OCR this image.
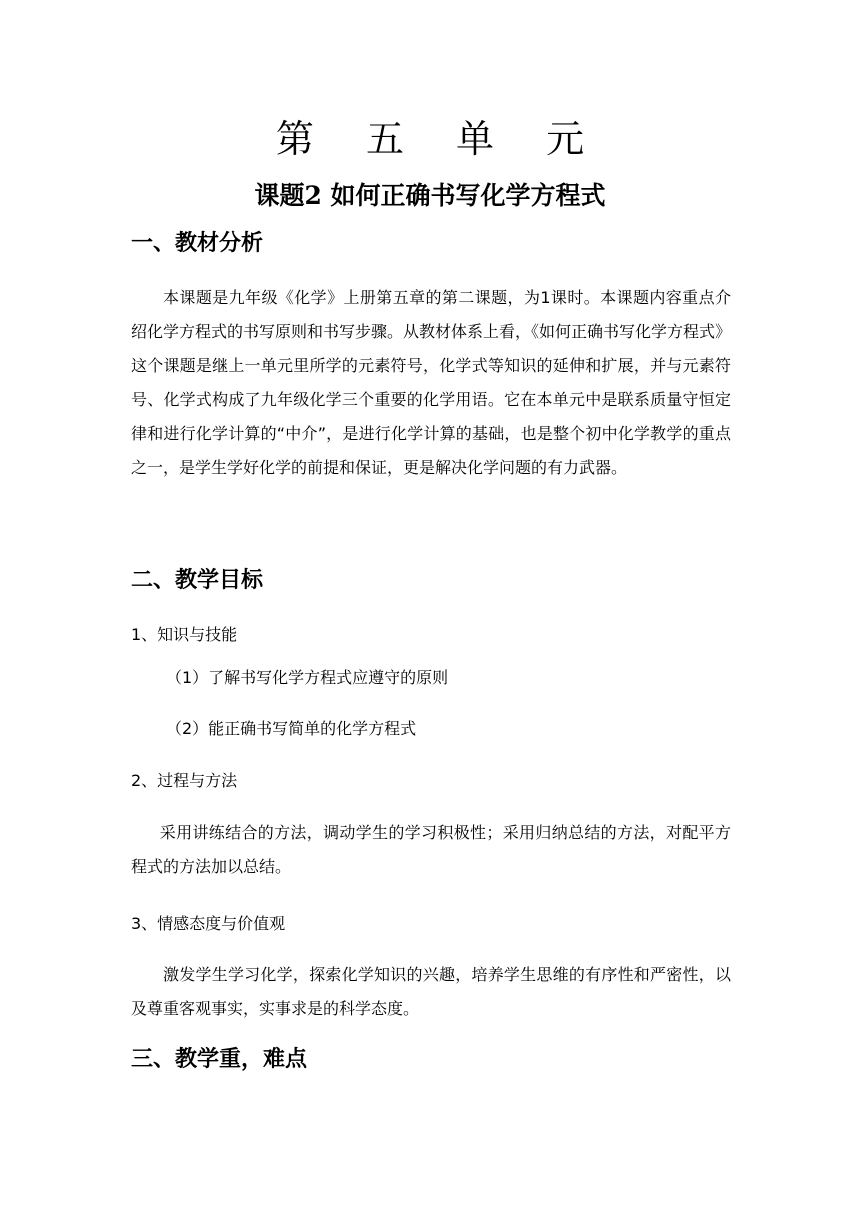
第 五 单 元
课题2 如何正确书写化学方程式
一、教材分析
本课题是九年级《化学》上册第五章的第二课题，为1课时。本课题内容重点介绍化学方程式的书写原则和书写步骤。从教材体系上看，《如何正确书写化学方程式》这个课题是继上一单元里所学的元素符号，化学式等知识的延伸和扩展，并与元素符号、化学式构成了九年级化学三个重要的化学用语。它在本单元中是联系质量守恒定律和进行化学计算的“中介”，是进行化学计算的基础，也是整个初中化学教学的重点之一，是学生学好化学的前提和保证，更是解决化学问题的有力武器。
二、教学目标
1、知识与技能
（1）了解书写化学方程式应遵守的原则
（2）能正确书写简单的化学方程式
2、过程与方法
采用讲练结合的方法，调动学生的学习积极性；采用归纳总结的方法，对配平方程式的方法加以总结。
3、情感态度与价值观
激发学生学习化学，探索化学知识的兴趣，培养学生思维的有序性和严密性，以及尊重客观事实，实事求是的科学态度。
三、教学重，难点
